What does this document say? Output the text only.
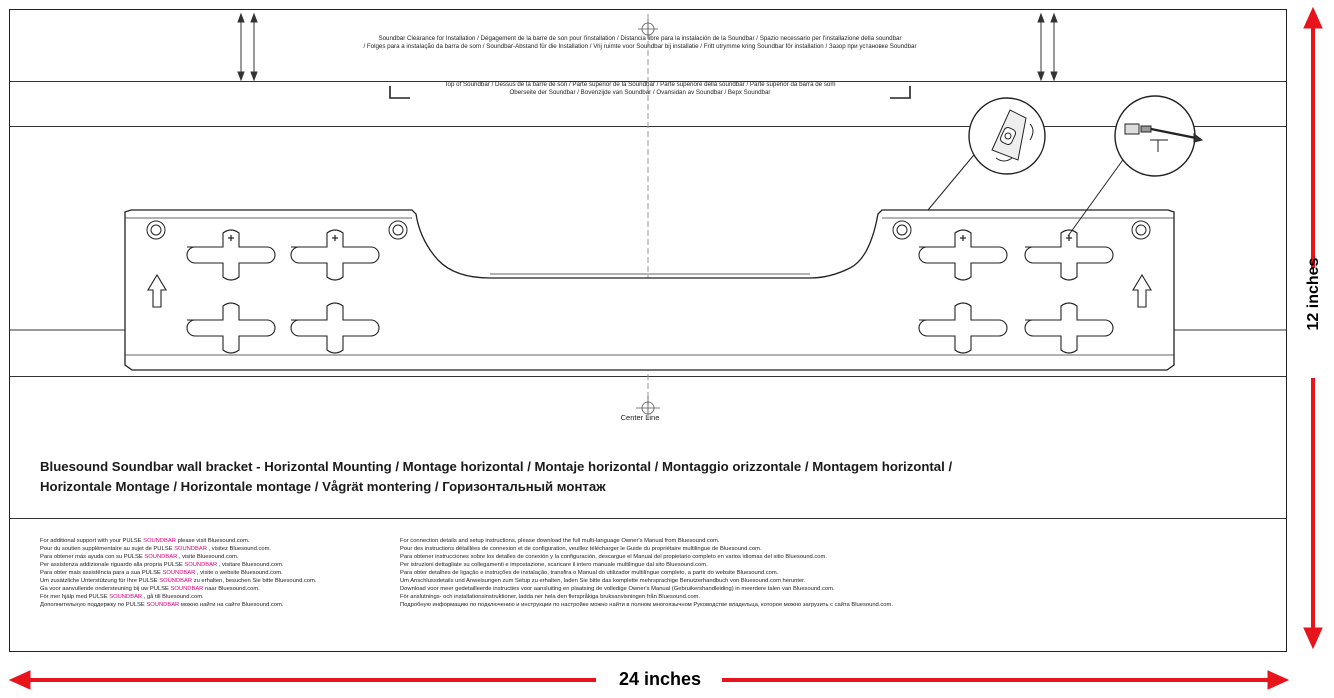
Soundbar Clearance for Installation / Dégagement de la barre de son pour l'installation / Distancia libre para la instalación de la Soundbar / Spazio necessario per l'installazione della soundbar
/ Folges para a instalação da barra de som / Soundbar-Abstand für die Installation / Vrij ruimte voor Soundbar bij installatie / Fritt utrymme kring Soundbar för installation / Зазор при установке Soundbar
Top of Soundbar / Dessus de la barre de son / Parte superior de la Soundbar / Parte superiore della soundbar / Parte superior da barra de som
Oberseite der Soundbar / Bovenzijde van Soundbar / Ovansidan av Soundbar / Верх Soundbar
Center Line
Bluesound Soundbar wall bracket - Horizontal Mounting / Montage horizontal / Montaje horizontal / Montaggio orizzontale / Montagem horizontal /
Horizontale Montage / Horizontale montage / Vågrät montering / Горизонтальный монтаж
For additional support with your PULSE SOUNDBAR please visit Bluesound.com.
Pour du soutien supplémentaire au sujet de PULSE SOUNDBAR , visitez Bluesound.com.
Para obtener más ayuda con su PULSE SOUNDBAR , visite Bluesound.com.
Per assistenza addizionale riguardo alla propria PULSE SOUNDBAR , visitare Bluesound.com.
Para obter mais assistência para a sua PULSE SOUNDBAR , visite o website Bluesound.com.
Um zusätzliche Unterstützung für Ihre PULSE SOUNDBAR zu erhalten, besuchen Sie bitte Bluesound.com.
Ga voor aanvullende ondersteuning bij uw PULSE SOUNDBAR naar Bluesound.com.
För mer hjälp med PULSE SOUNDBAR , gå till Bluesound.com.
Дополнительную поддержку по PULSE SOUNDBAR можно найти на сайте Bluesound.com.
For connection details and setup instructions, please download the full multi-language Owner's Manual from Bluesound.com.
Pour des instructions détaillées de connexion et de configuration, veuillez télécharger le Guide du propriétaire multilingue de Bluesound.com.
Para obtener instrucciones sobre los detalles de conexión y la configuración, descargue el Manual del propietario completo en varios idiomas del sitio Bluesound.com.
Per istruzioni dettagliate su collegamenti e impostazione, scaricare il intero manuale multilingue dal sito Bluesound.com.
Para obter detalhes de ligação e instruções de instalação, transfira o Manual do utilizador multilíngue completo, a partir do website Bluesound.com.
Um Anschlussdetails und Anweisungen zum Setup zu erhalten, laden Sie bitte das komplette mehrsprachige Benutzerhandbuch von Bluesound.com herunter.
Download voor meer gedetailleerde instructies voor aansluiting en plaatsing de volledige Owner's Manual (Gebruikershandleiding) in meerdere talen van Bluesound.com.
För anslutnings- och installationsinstruktioner, ladda ner hela den flerspråkiga bruksanvisningen från Bluesound.com.
Подробную информацию по подключению и инструкции по настройке можно найти в полном многоязычном Руководстве владельца, которое можно загрузить с сайта Bluesound.com.
12 inches
24 inches
